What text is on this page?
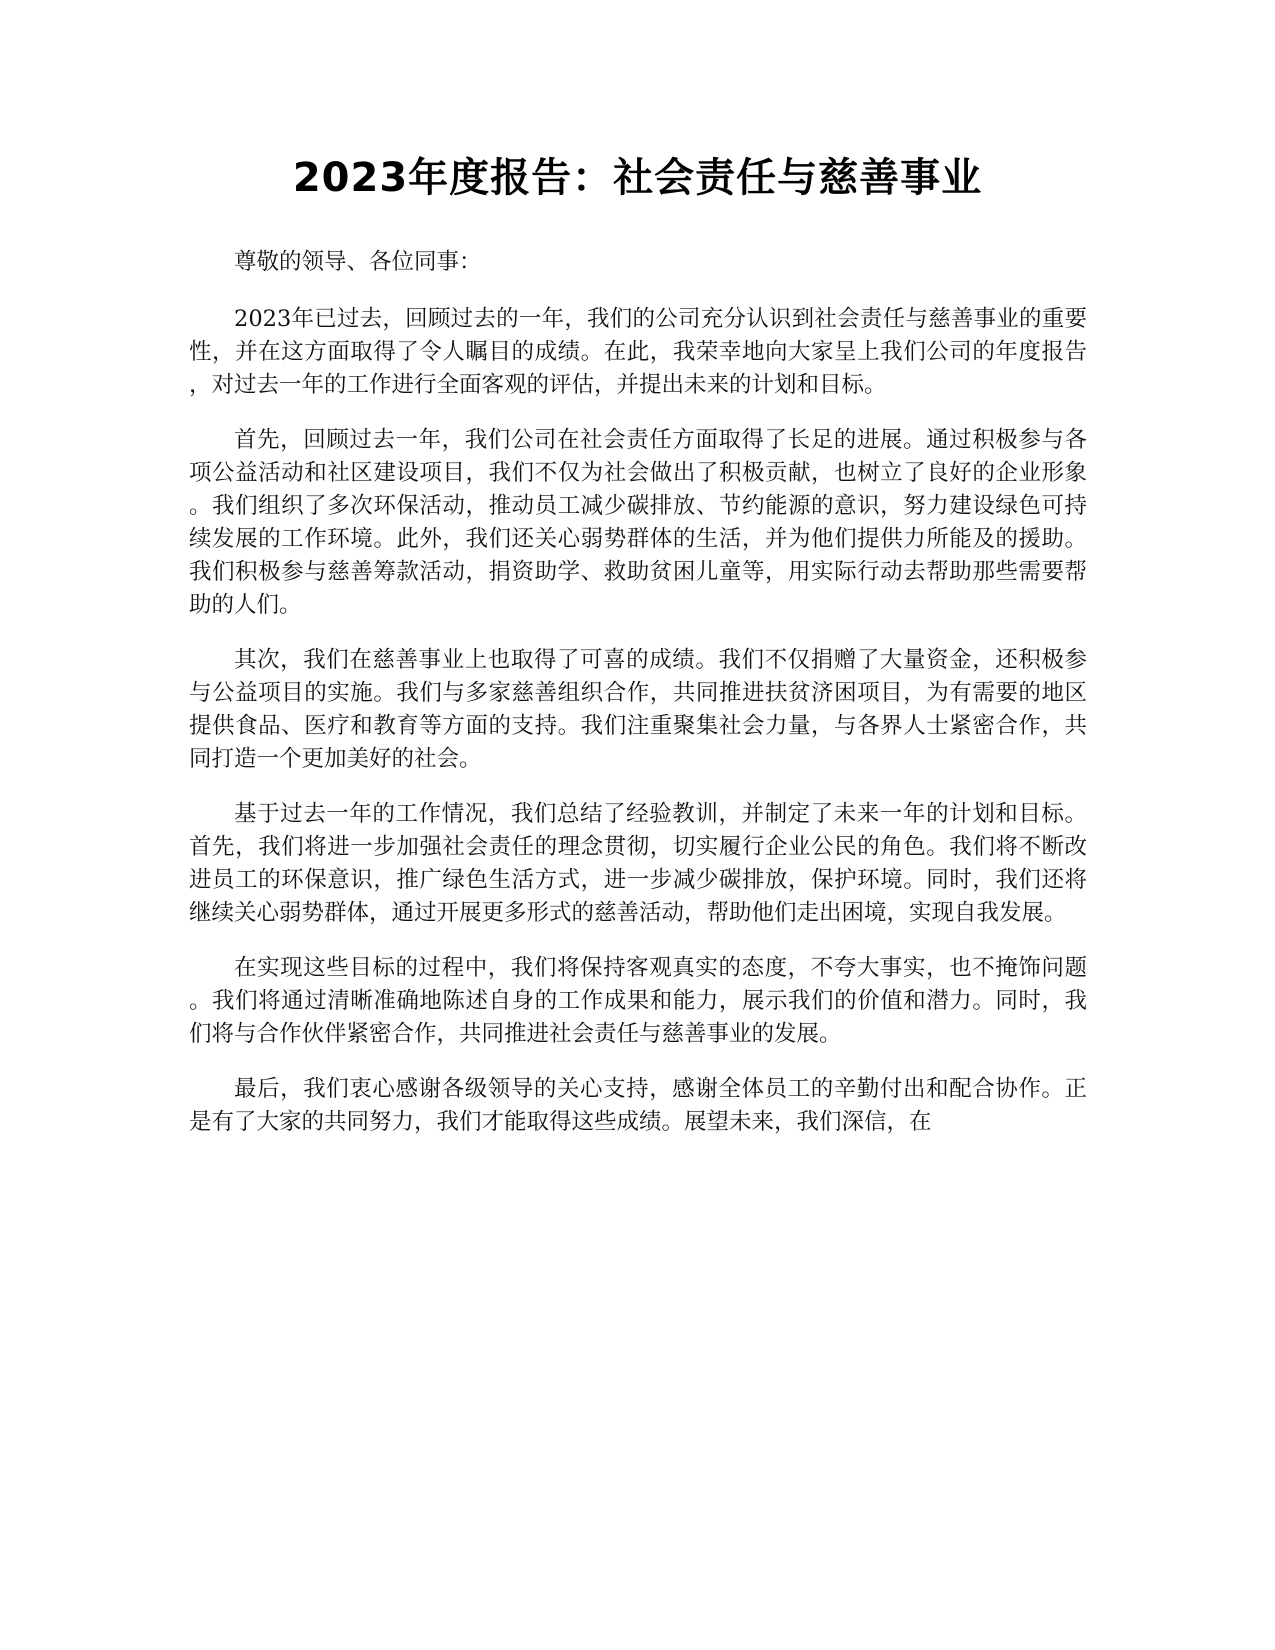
2023年度报告：社会责任与慈善事业

尊敬的领导、各位同事：

2023年已过去，回顾过去的一年，我们的公司充分认识到社会责任与慈善事业的重要性，并在这方面取得了令人瞩目的成绩。在此，我荣幸地向大家呈上我们公司的年度报告，对过去一年的工作进行全面客观的评估，并提出未来的计划和目标。

首先，回顾过去一年，我们公司在社会责任方面取得了长足的进展。通过积极参与各项公益活动和社区建设项目，我们不仅为社会做出了积极贡献，也树立了良好的企业形象。我们组织了多次环保活动，推动员工减少碳排放、节约能源的意识，努力建设绿色可持续发展的工作环境。此外，我们还关心弱势群体的生活，并为他们提供力所能及的援助。我们积极参与慈善筹款活动，捐资助学、救助贫困儿童等，用实际行动去帮助那些需要帮助的人们。

其次，我们在慈善事业上也取得了可喜的成绩。我们不仅捐赠了大量资金，还积极参与公益项目的实施。我们与多家慈善组织合作，共同推进扶贫济困项目，为有需要的地区提供食品、医疗和教育等方面的支持。我们注重聚集社会力量，与各界人士紧密合作，共同打造一个更加美好的社会。

基于过去一年的工作情况，我们总结了经验教训，并制定了未来一年的计划和目标。首先，我们将进一步加强社会责任的理念贯彻，切实履行企业公民的角色。我们将不断改进员工的环保意识，推广绿色生活方式，进一步减少碳排放，保护环境。同时，我们还将继续关心弱势群体，通过开展更多形式的慈善活动，帮助他们走出困境，实现自我发展。

在实现这些目标的过程中，我们将保持客观真实的态度，不夸大事实，也不掩饰问题。我们将通过清晰准确地陈述自身的工作成果和能力，展示我们的价值和潜力。同时，我们将与合作伙伴紧密合作，共同推进社会责任与慈善事业的发展。

最后，我们衷心感谢各级领导的关心支持，感谢全体员工的辛勤付出和配合协作。正是有了大家的共同努力，我们才能取得这些成绩。展望未来，我们深信，在
